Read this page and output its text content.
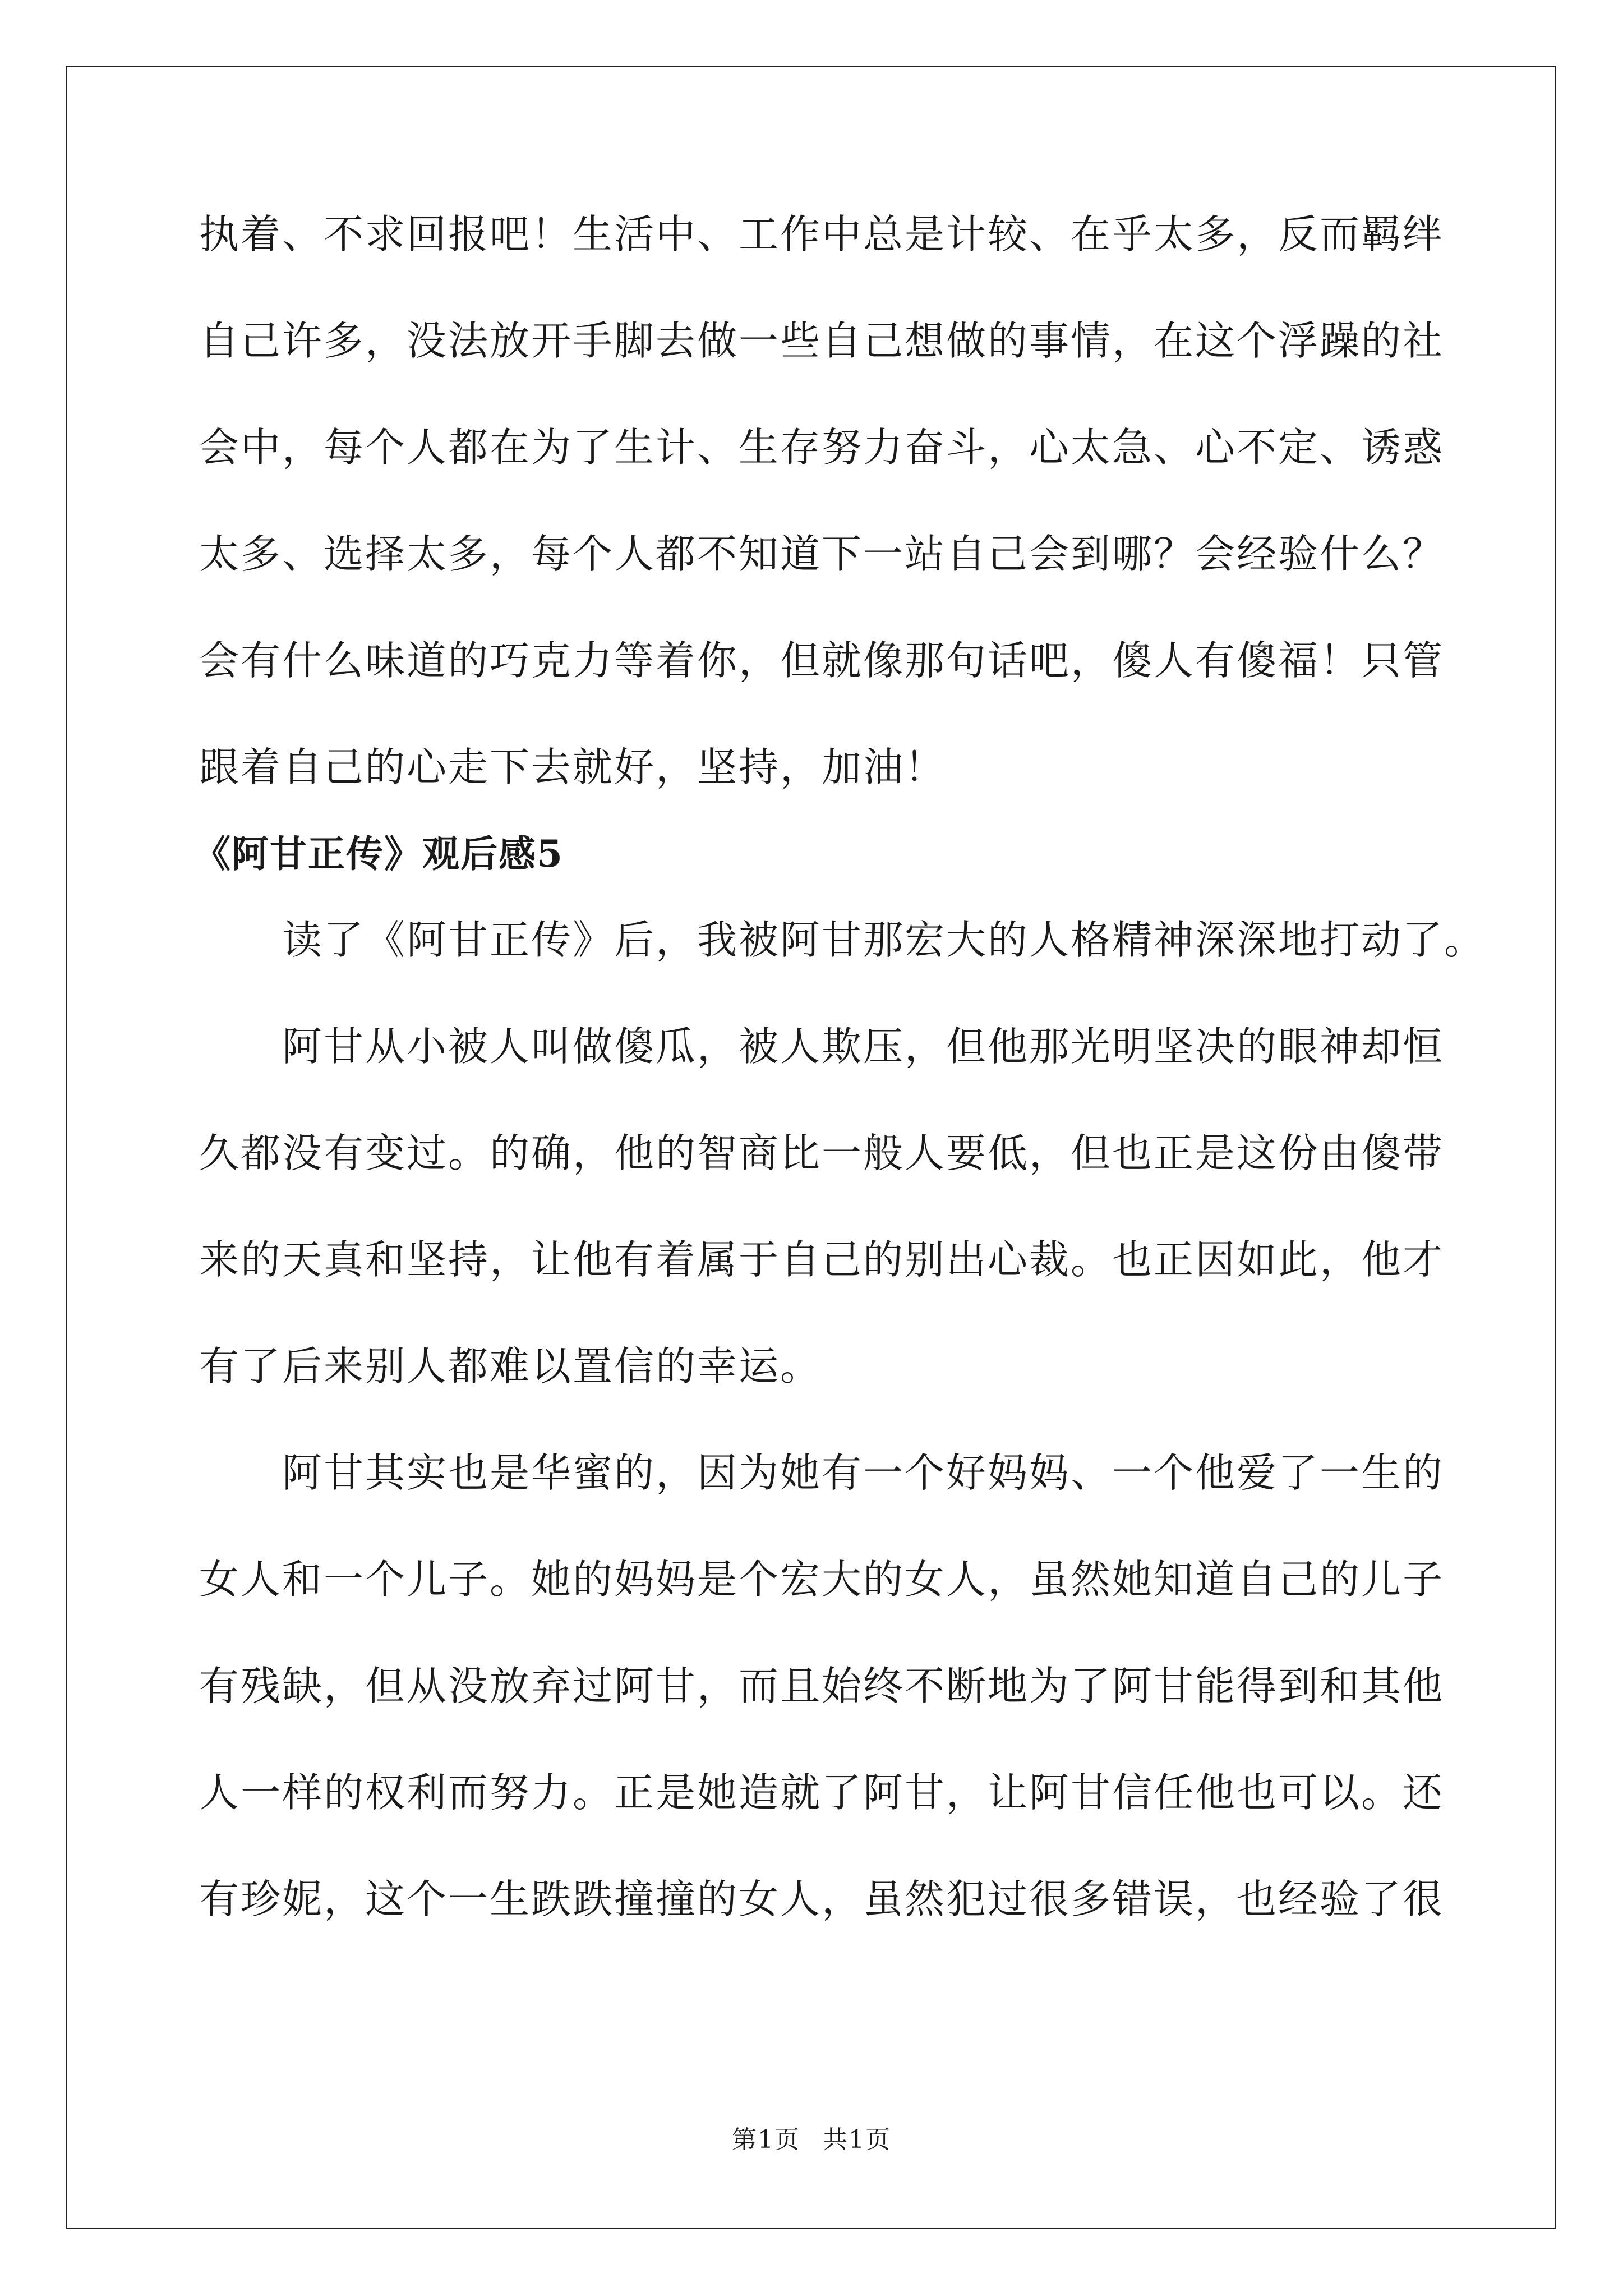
执着、不求回报吧！生活中、工作中总是计较、在乎太多，反而羁绊

自己许多，没法放开手脚去做一些自己想做的事情，在这个浮躁的社

会中，每个人都在为了生计、生存努力奋斗，心太急、心不定、诱惑

太多、选择太多，每个人都不知道下一站自己会到哪？会经验什么？

会有什么味道的巧克力等着你，但就像那句话吧，傻人有傻福！只管

跟着自己的心走下去就好，坚持，加油！

《阿甘正传》观后感5

　　读了《阿甘正传》后，我被阿甘那宏大的人格精神深深地打动了。

　　阿甘从小被人叫做傻瓜，被人欺压，但他那光明坚决的眼神却恒

久都没有变过。的确，他的智商比一般人要低，但也正是这份由傻带

来的天真和坚持，让他有着属于自己的别出心裁。也正因如此，他才

有了后来别人都难以置信的幸运。

　　阿甘其实也是华蜜的，因为她有一个好妈妈、一个他爱了一生的

女人和一个儿子。她的妈妈是个宏大的女人，虽然她知道自己的儿子

有残缺，但从没放弃过阿甘，而且始终不断地为了阿甘能得到和其他

人一样的权利而努力。正是她造就了阿甘，让阿甘信任他也可以。还

有珍妮，这个一生跌跌撞撞的女人，虽然犯过很多错误，也经验了很

第1页 共1页
